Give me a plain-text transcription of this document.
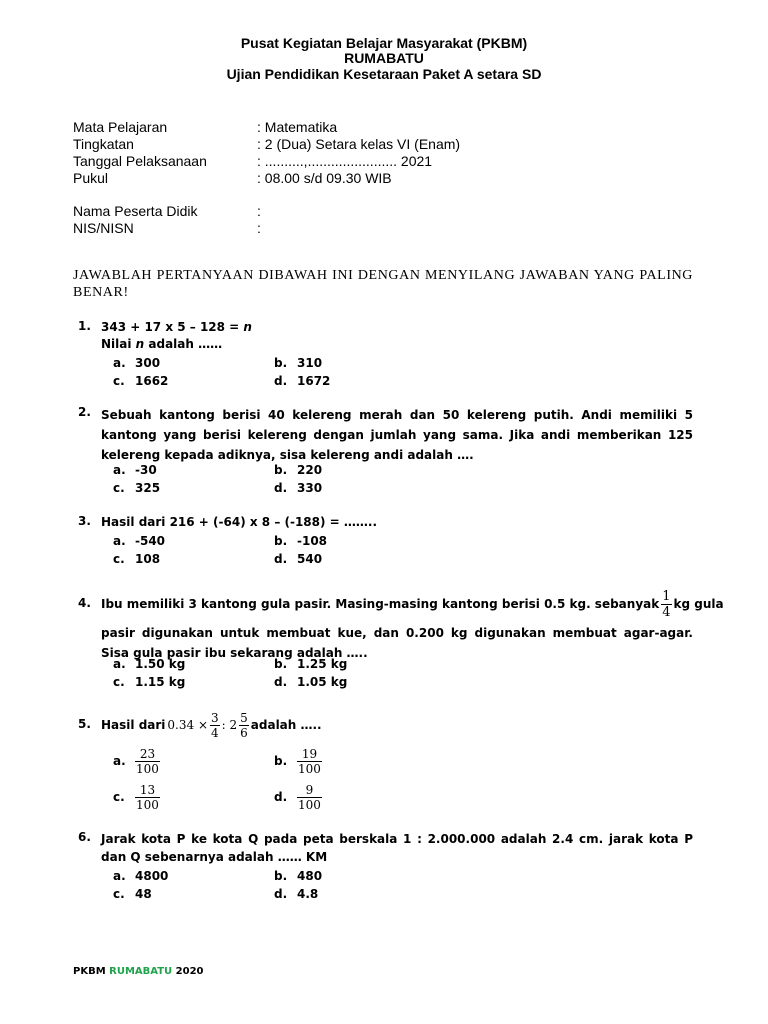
Pusat Kegiatan Belajar Masyarakat (PKBM)
RUMABATU
Ujian Pendidikan Kesetaraan Paket A setara SD
Mata Pelajaran	: Matematika
Tingkatan	: 2 (Dua) Setara kelas VI (Enam)
Tanggal Pelaksanaan	: ..........,....................... 2021
Pukul	: 08.00 s/d 09.30 WIB
Nama Peserta Didik	:
NIS/NISN	:
JAWABLAH PERTANYAAN DIBAWAH INI DENGAN MENYILANG JAWABAN YANG PALING BENAR!
1. 343 + 17 x 5 – 128 = n
Nilai n adalah ……
a. 300	b. 310
c. 1662	d. 1672
2. Sebuah kantong berisi 40 kelereng merah dan 50 kelereng putih. Andi memiliki 5 kantong yang berisi kelereng dengan jumlah yang sama. Jika andi memberikan 125 kelereng kepada adiknya, sisa kelereng andi adalah ….
a. -30	b. 220
c. 325	d. 330
3. Hasil dari 216 + (-64) x 8 – (-188) = ……..
a. -540	b. -108
c. 108	d. 540
4. Ibu memiliki 3 kantong gula pasir. Masing-masing kantong berisi 0.5 kg. sebanyak $\frac{1}{4}$ kg gula
pasir digunakan untuk membuat kue, dan 0.200 kg digunakan membuat agar-agar. Sisa gula pasir ibu sekarang adalah …..
a. 1.50 kg	b. 1.25 kg
c. 1.15 kg	d. 1.05 kg
5. Hasil dari $0.34 \times \frac{3}{4}$ : $2 \frac{5}{6}$ adalah …..
a. $\frac{23}{100}$	b. $\frac{19}{100}$
c. $\frac{13}{100}$	d. $\frac{9}{100}$
6. Jarak kota P ke kota Q pada peta berskala 1 : 2.000.000 adalah 2.4 cm. jarak kota P dan Q sebenarnya adalah …… KM
a. 4800	b. 480
c. 48	d. 4.8
PKBM RUMABATU 2020
